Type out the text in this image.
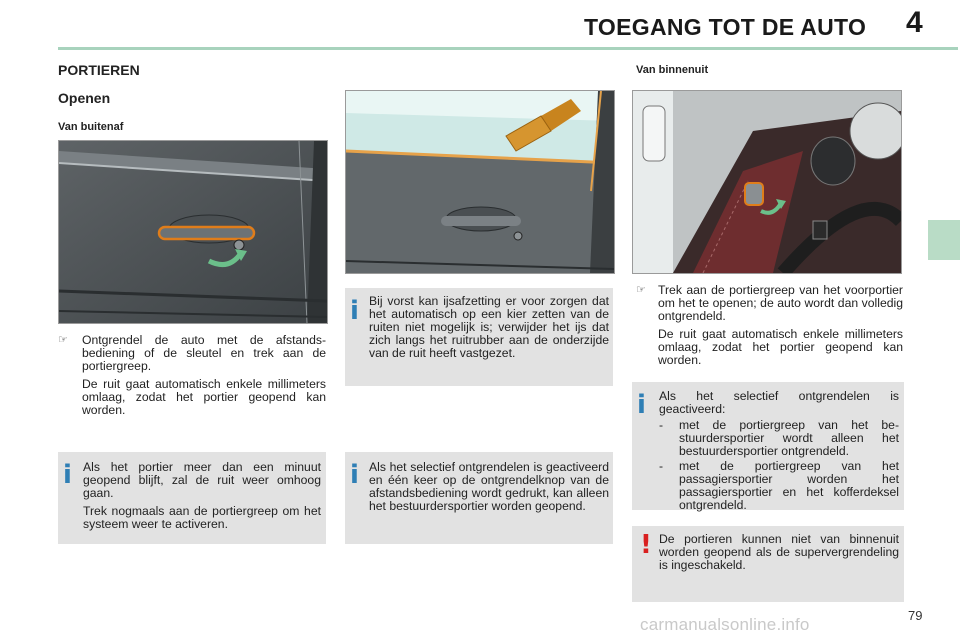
TOEGANG TOT DE AUTO 4
PORTIEREN
Openen
Van buitenaf
Van binnenuit
☞ Ontgrendel de auto met de afstandsbediening of de sleutel en trek aan de portiergreep.

De ruit gaat automatisch enkele millimeters omlaag, zodat het portier geopend kan worden.

i Als het portier meer dan een minuut geopend blijft, zal de ruit weer omhoog gaan.

Trek nogmaals aan de portiergreep om het systeem weer te activeren.

i Bij vorst kan ijsafzetting er voor zorgen dat het automatisch op een kier zetten van de ruiten niet mogelijk is; verwijder het ijs dat zich langs het ruitrubber aan de onderzijde van de ruit heeft vastgezet.

i Als het selectief ontgrendelen is geactiveerd en één keer op de ontgrendelknop van de afstandsbediening wordt gedrukt, kan alleen het bestuurdersportier worden geopend.

☞ Trek aan de portiergreep van het voorportier om het te openen; de auto wordt dan volledig ontgrendeld.

De ruit gaat automatisch enkele millimeters omlaag, zodat het portier geopend kan worden.

i Als het selectief ontgrendelen is geactiveerd:

- met de portiergreep van het bestuurdersportier wordt alleen het bestuurdersportier ontgrendeld.
- met de portiergreep van het passagiersportier worden het passagiersportier en het kofferdeksel ontgrendeld.
! De portieren kunnen niet van binnenuit worden geopend als de supervergrendeling is ingeschakeld.

79
carmanualsonline.info
